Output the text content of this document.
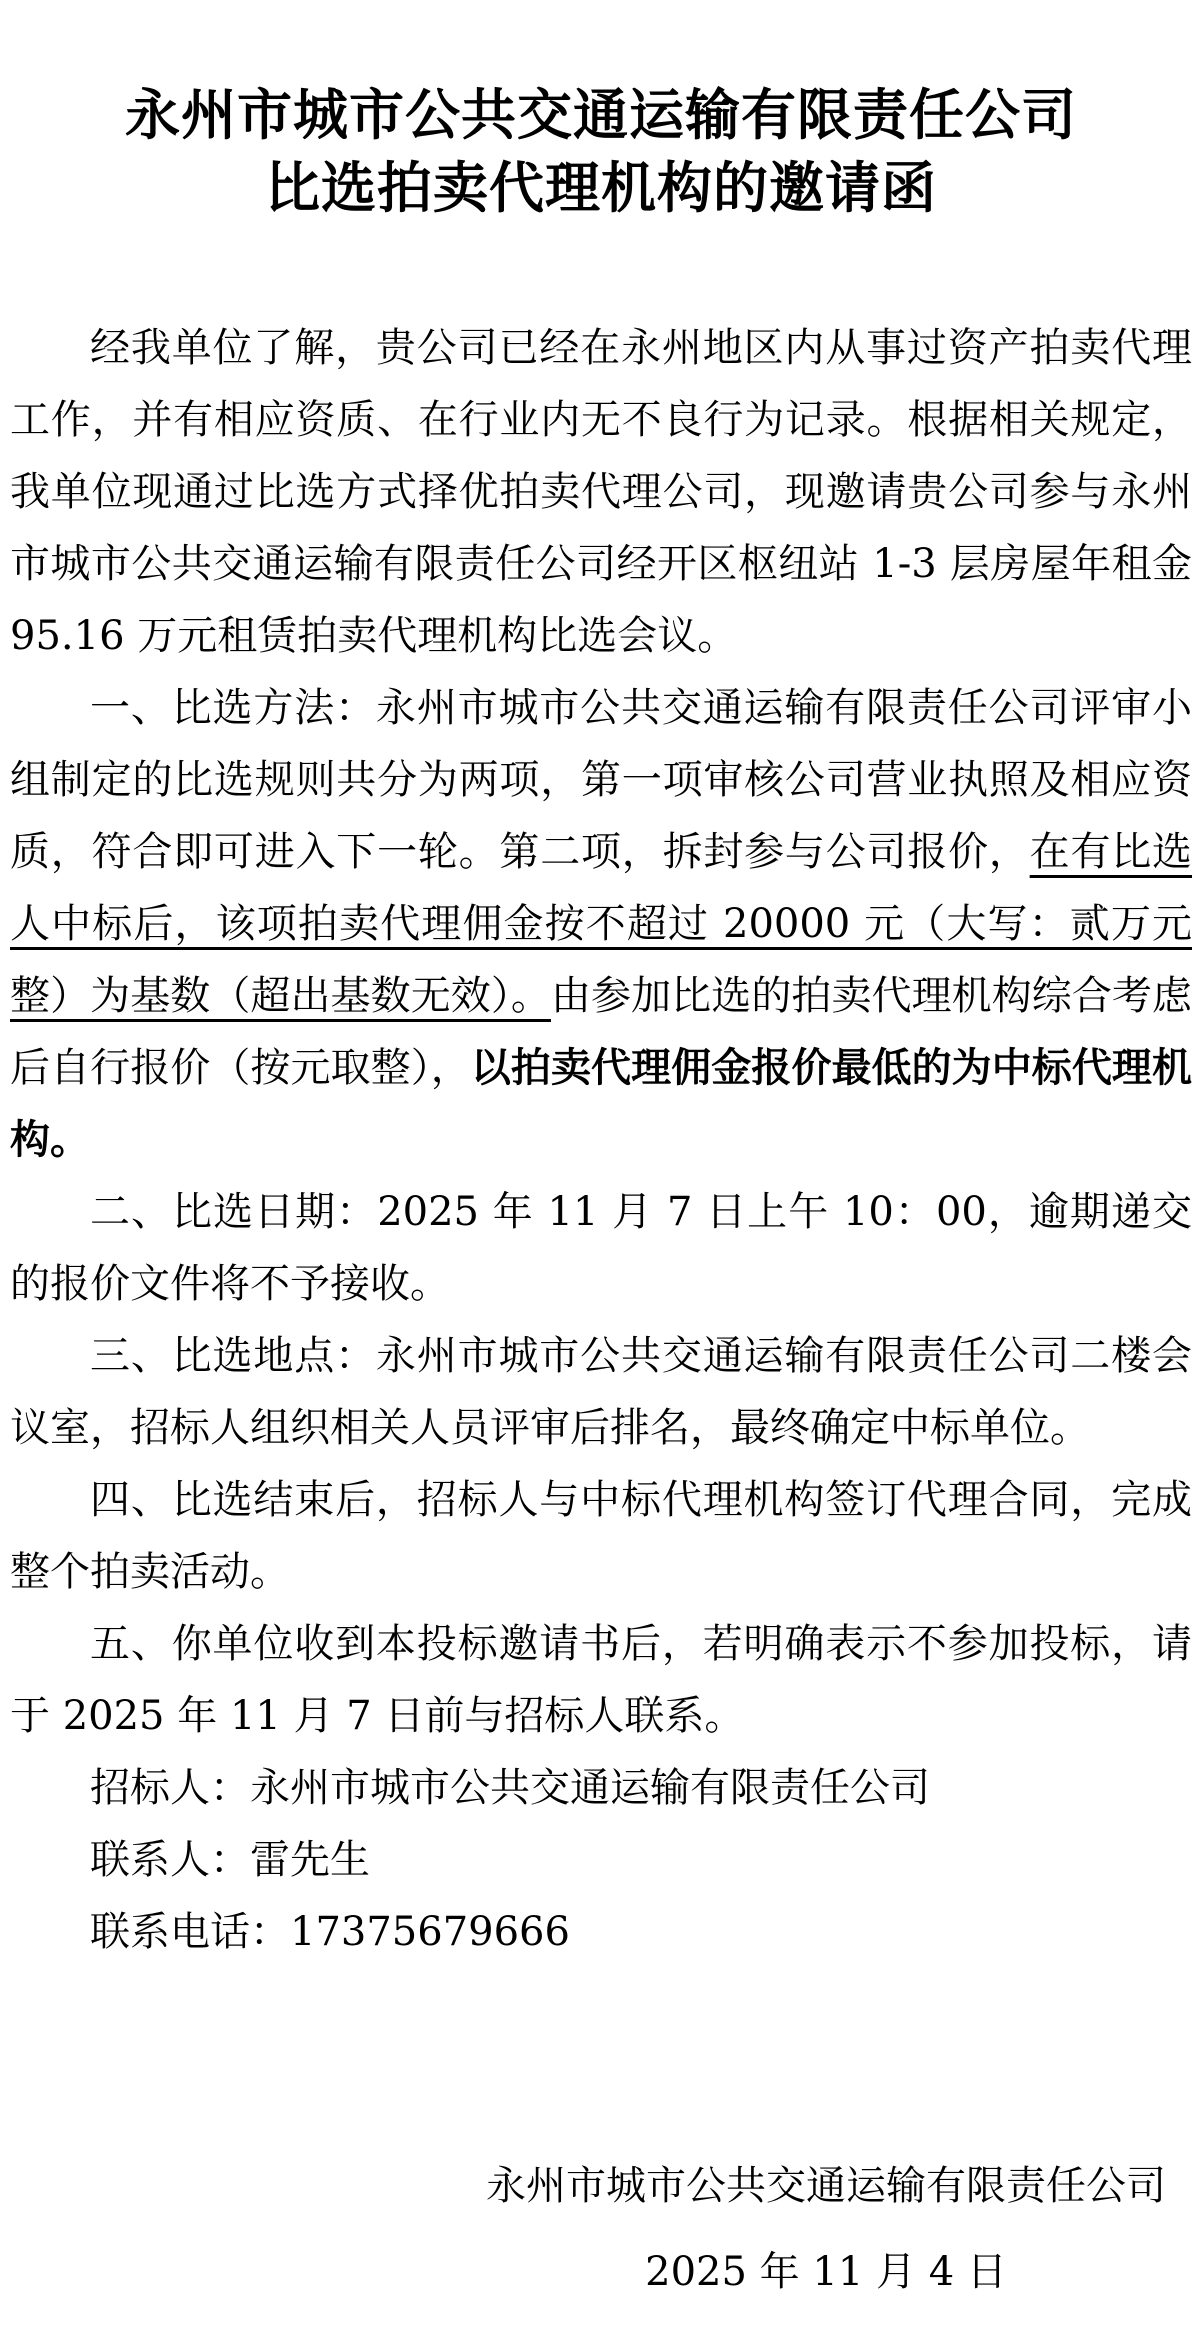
永州市城市公共交通运输有限责任公司
比选拍卖代理机构的邀请函

经我单位了解，贵公司已经在永州地区内从事过资产拍卖代理工作，并有相应资质、在行业内无不良行为记录。根据相关规定，我单位现通过比选方式择优拍卖代理公司，现邀请贵公司参与永州市城市公共交通运输有限责任公司经开区枢纽站 1-3 层房屋年租金 95.16 万元租赁拍卖代理机构比选会议。

一、比选方法：永州市城市公共交通运输有限责任公司评审小组制定的比选规则共分为两项，第一项审核公司营业执照及相应资质，符合即可进入下一轮。第二项，拆封参与公司报价，在有比选人中标后，该项拍卖代理佣金按不超过 20000 元（大写：贰万元整）为基数（超出基数无效）。由参加比选的拍卖代理机构综合考虑后自行报价（按元取整），以拍卖代理佣金报价最低的为中标代理机构。

二、比选日期：2025 年 11 月 7 日上午 10：00，逾期递交的报价文件将不予接收。

三、比选地点：永州市城市公共交通运输有限责任公司二楼会议室，招标人组织相关人员评审后排名，最终确定中标单位。

四、比选结束后，招标人与中标代理机构签订代理合同，完成整个拍卖活动。

五、你单位收到本投标邀请书后，若明确表示不参加投标，请于 2025 年 11 月 7 日前与招标人联系。

招标人：永州市城市公共交通运输有限责任公司

联系人：雷先生

联系电话：17375679666

永州市城市公共交通运输有限责任公司
2025 年 11 月 4 日
